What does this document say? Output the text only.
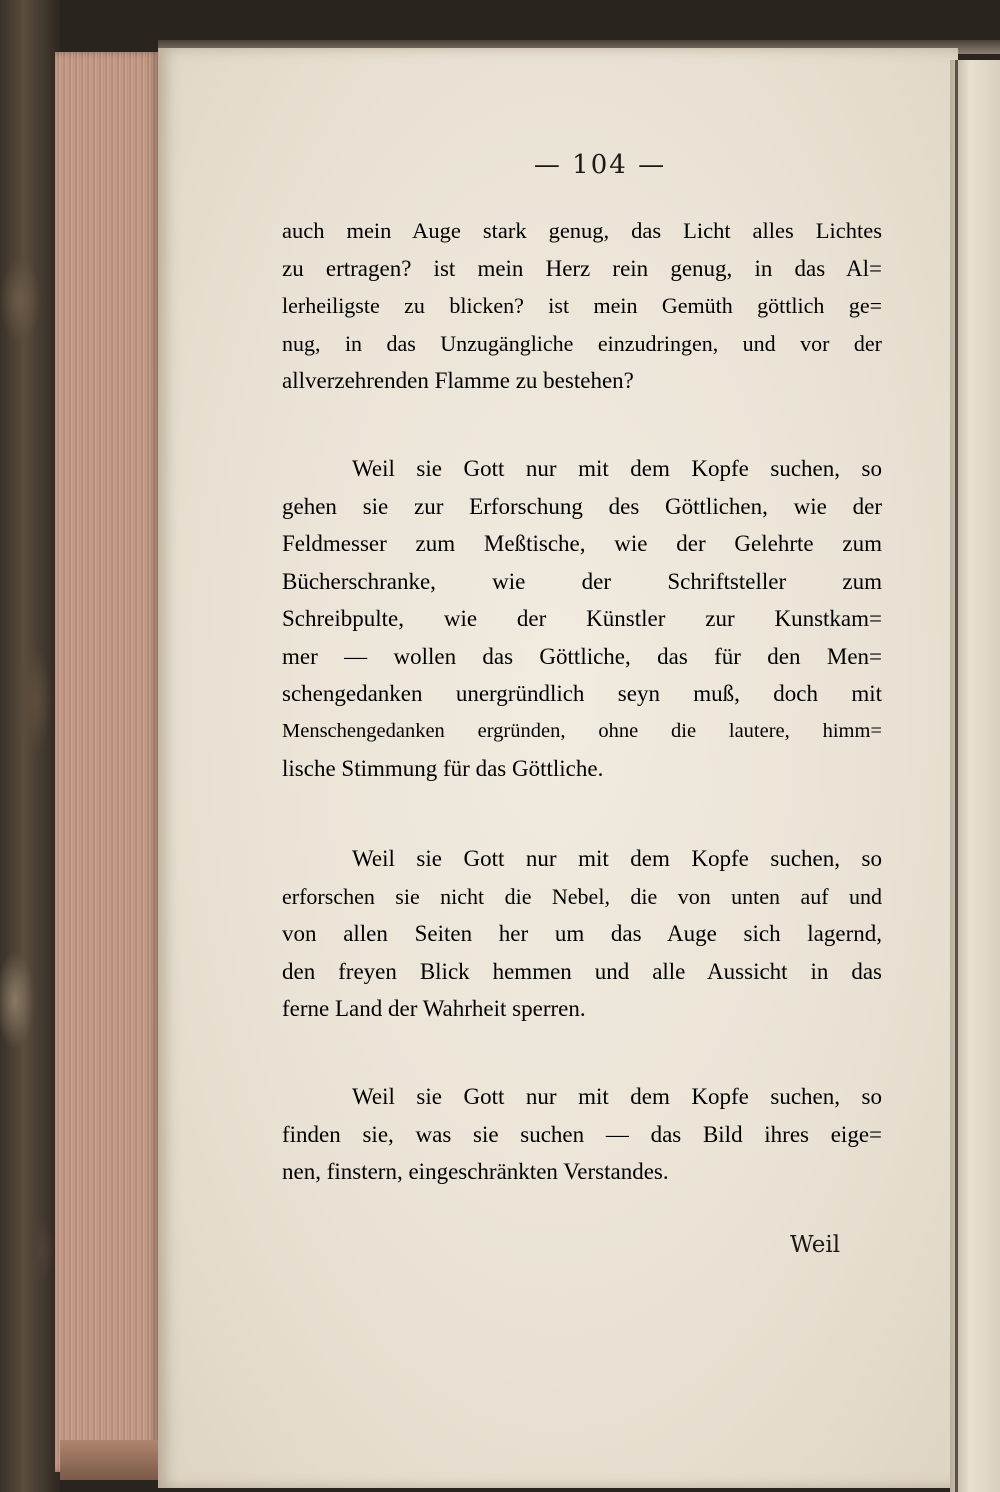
— 104 —
auch mein Auge stark genug, das Licht alles Lichtes
zu ertragen? ist mein Herz rein genug, in das Al=
lerheiligste zu blicken? ist mein Gemüth göttlich ge=
nug, in das Unzugängliche einzudringen, und vor der
allverzehrenden Flamme zu bestehen?
Weil sie Gott nur mit dem Kopfe suchen, so
gehen sie zur Erforschung des Göttlichen, wie der
Feldmesser zum Meßtische, wie der Gelehrte zum
Bücherschranke, wie der Schriftsteller zum
Schreibpulte, wie der Künstler zur Kunstkam=
mer — wollen das Göttliche, das für den Men=
schengedanken unergründlich seyn muß, doch mit
Menschengedanken ergründen, ohne die lautere, himm=
lische Stimmung für das Göttliche.
Weil sie Gott nur mit dem Kopfe suchen, so
erforschen sie nicht die Nebel, die von unten auf und
von allen Seiten her um das Auge sich lagernd,
den freyen Blick hemmen und alle Aussicht in das
ferne Land der Wahrheit sperren.
Weil sie Gott nur mit dem Kopfe suchen, so
finden sie, was sie suchen — das Bild ihres eige=
nen, finstern, eingeschränkten Verstandes.
Weil
